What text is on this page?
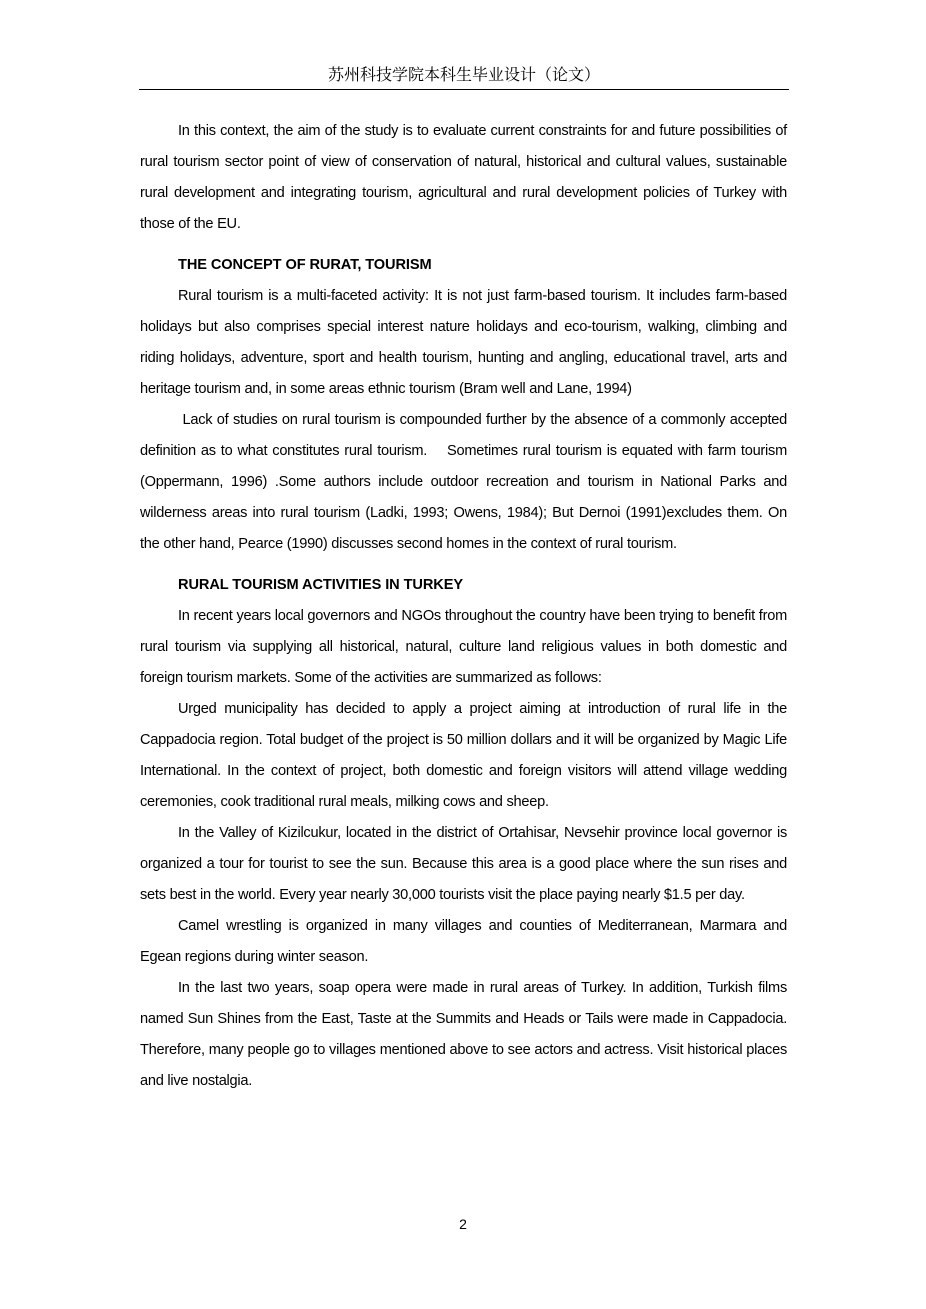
苏州科技学院本科生毕业设计（论文）

In this context, the aim of the study is to evaluate current constraints for and future possibilities of rural tourism sector point of view of conservation of natural, historical and cultural values, sustainable rural development and integrating tourism, agricultural and rural development policies of Turkey with those of the EU.

THE CONCEPT OF RURAT, TOURISM

Rural tourism is a multi-faceted activity: It is not just farm-based tourism. It includes farm-based holidays but also comprises special interest nature holidays and eco-tourism, walking, climbing and riding holidays, adventure, sport and health tourism, hunting and angling, educational travel, arts and heritage tourism and, in some areas ethnic tourism (Bram well and Lane, 1994)

Lack of studies on rural tourism is compounded further by the absence of a commonly accepted definition as to what constitutes rural tourism.    Sometimes rural tourism is equated with farm tourism (Oppermann, 1996) .Some authors include outdoor recreation and tourism in National Parks and wilderness areas into rural tourism (Ladki, 1993; Owens, 1984); But Dernoi (1991)excludes them. On the other hand, Pearce (1990) discusses second homes in the context of rural tourism.

RURAL TOURISM ACTIVITIES IN TURKEY

In recent years local governors and NGOs throughout the country have been trying to benefit from rural tourism via supplying all historical, natural, culture land religious values in both domestic and foreign tourism markets. Some of the activities are summarized as follows:

Urged municipality has decided to apply a project aiming at introduction of rural life in the Cappadocia region. Total budget of the project is 50 million dollars and it will be organized by Magic Life International. In the context of project, both domestic and foreign visitors will attend village wedding ceremonies, cook traditional rural meals, milking cows and sheep.

In the Valley of Kizilcukur, located in the district of Ortahisar, Nevsehir province local governor is organized a tour for tourist to see the sun. Because this area is a good place where the sun rises and sets best in the world. Every year nearly 30,000 tourists visit the place paying nearly $1.5 per day.

Camel wrestling is organized in many villages and counties of Mediterranean, Marmara and Egean regions during winter season.

In the last two years, soap opera were made in rural areas of Turkey. In addition, Turkish films named Sun Shines from the East, Taste at the Summits and Heads or Tails were made in Cappadocia. Therefore, many people go to villages mentioned above to see actors and actress. Visit historical places and live nostalgia.

2
